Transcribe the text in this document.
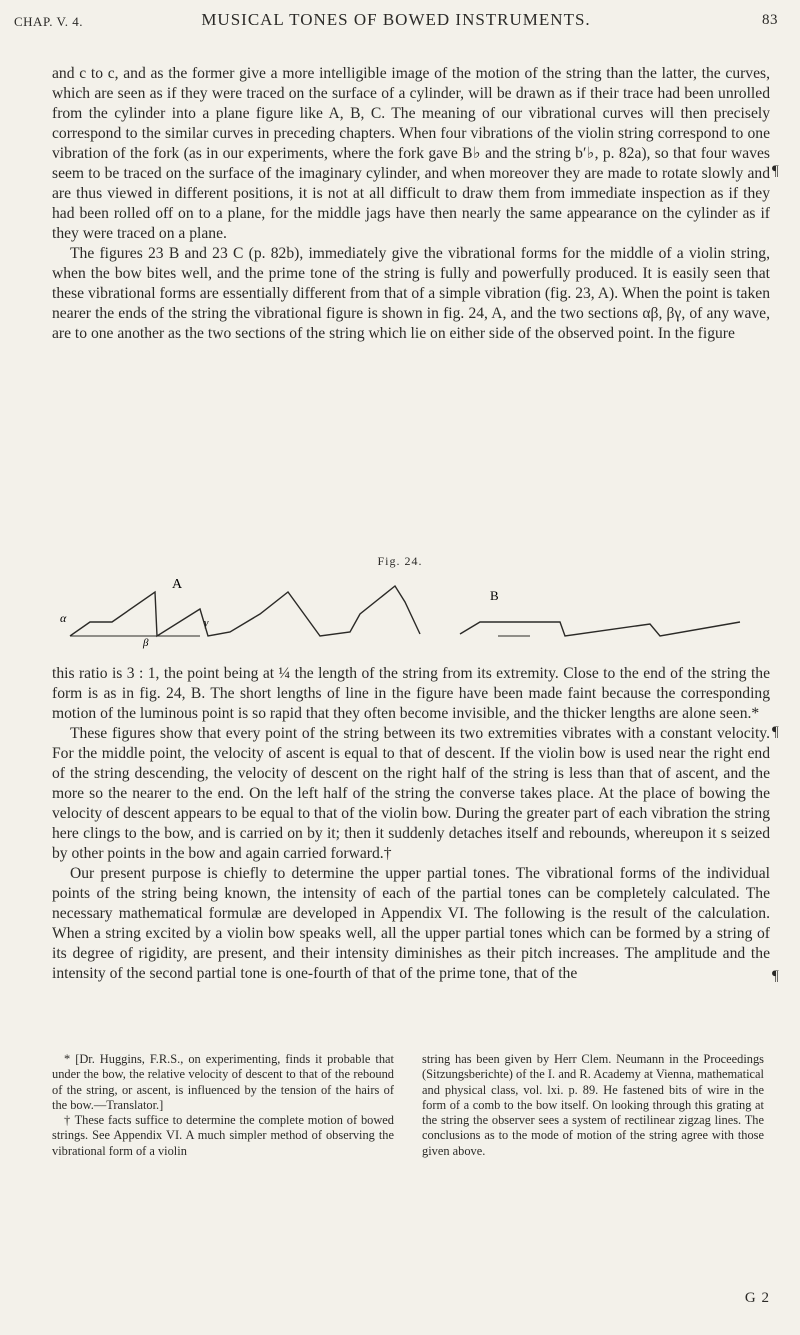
CHAP. V. 4.	MUSICAL TONES OF BOWED INSTRUMENTS.	83

and c to c, and as the former give a more intelligible image of the motion of the string than the latter, the curves, which are seen as if they were traced on the surface of a cylinder, will be drawn as if their trace had been unrolled from the cylinder into a plane figure like A, B, C. The meaning of our vibrational curves will then precisely correspond to the similar curves in preceding chapters. When four vibrations of the violin string correspond to one vibration of the fork (as in our experiments, where the fork gave B♭ and the string b′♭, p. 82a), so that four waves seem to be traced on the surface of the imaginary cylinder, and when moreover they are made to rotate slowly and are thus viewed in different positions, it is not at all difficult to draw them from immediate inspection as if they had been rolled off on to a plane, for the middle jags have then nearly the same appearance on the cylinder as if they were traced on a plane.

The figures 23 B and 23 C (p. 82b), immediately give the vibrational forms for the middle of a violin string, when the bow bites well, and the prime tone of the string is fully and powerfully produced. It is easily seen that these vibrational forms are essentially different from that of a simple vibration (fig. 23, A). When the point is taken nearer the ends of the string the vibrational figure is shown in fig. 24, A, and the two sections αβ, βγ, of any wave, are to one another as the two sections of the string which lie on either side of the observed point. In the figure

¶
¶
¶
Fig. 24.
A
B
α
β
γ

this ratio is 3 : 1, the point being at ¼ the length of the string from its extremity. Close to the end of the string the form is as in fig. 24, B. The short lengths of line in the figure have been made faint because the corresponding motion of the luminous point is so rapid that they often become invisible, and the thicker lengths are alone seen.*

These figures show that every point of the string between its two extremities vibrates with a constant velocity. For the middle point, the velocity of ascent is equal to that of descent. If the violin bow is used near the right end of the string descending, the velocity of descent on the right half of the string is less than that of ascent, and the more so the nearer to the end. On the left half of the string the converse takes place. At the place of bowing the velocity of descent appears to be equal to that of the violin bow. During the greater part of each vibration the string here clings to the bow, and is carried on by it; then it suddenly detaches itself and rebounds, whereupon it s seized by other points in the bow and again carried forward.†

Our present purpose is chiefly to determine the upper partial tones. The vibrational forms of the individual points of the string being known, the intensity of each of the partial tones can be completely calculated. The necessary mathematical formulæ are developed in Appendix VI. The following is the result of the calculation. When a string excited by a violin bow speaks well, all the upper partial tones which can be formed by a string of its degree of rigidity, are present, and their intensity diminishes as their pitch increases. The amplitude and the intensity of the second partial tone is one-fourth of that of the prime tone, that of the

* [Dr. Huggins, F.R.S., on experimenting, finds it probable that under the bow, the relative velocity of descent to that of the rebound of the string, or ascent, is influenced by the tension of the hairs of the bow.—Translator.]

† These facts suffice to determine the complete motion of bowed strings. See Appendix VI. A much simpler method of observing the vibrational form of a violin

string has been given by Herr Clem. Neumann in the Proceedings (Sitzungsberichte) of the I. and R. Academy at Vienna, mathematical and physical class, vol. lxi. p. 89. He fastened bits of wire in the form of a comb to the bow itself. On looking through this grating at the string the observer sees a system of rectilinear zigzag lines. The conclusions as to the mode of motion of the string agree with those given above.

G 2
